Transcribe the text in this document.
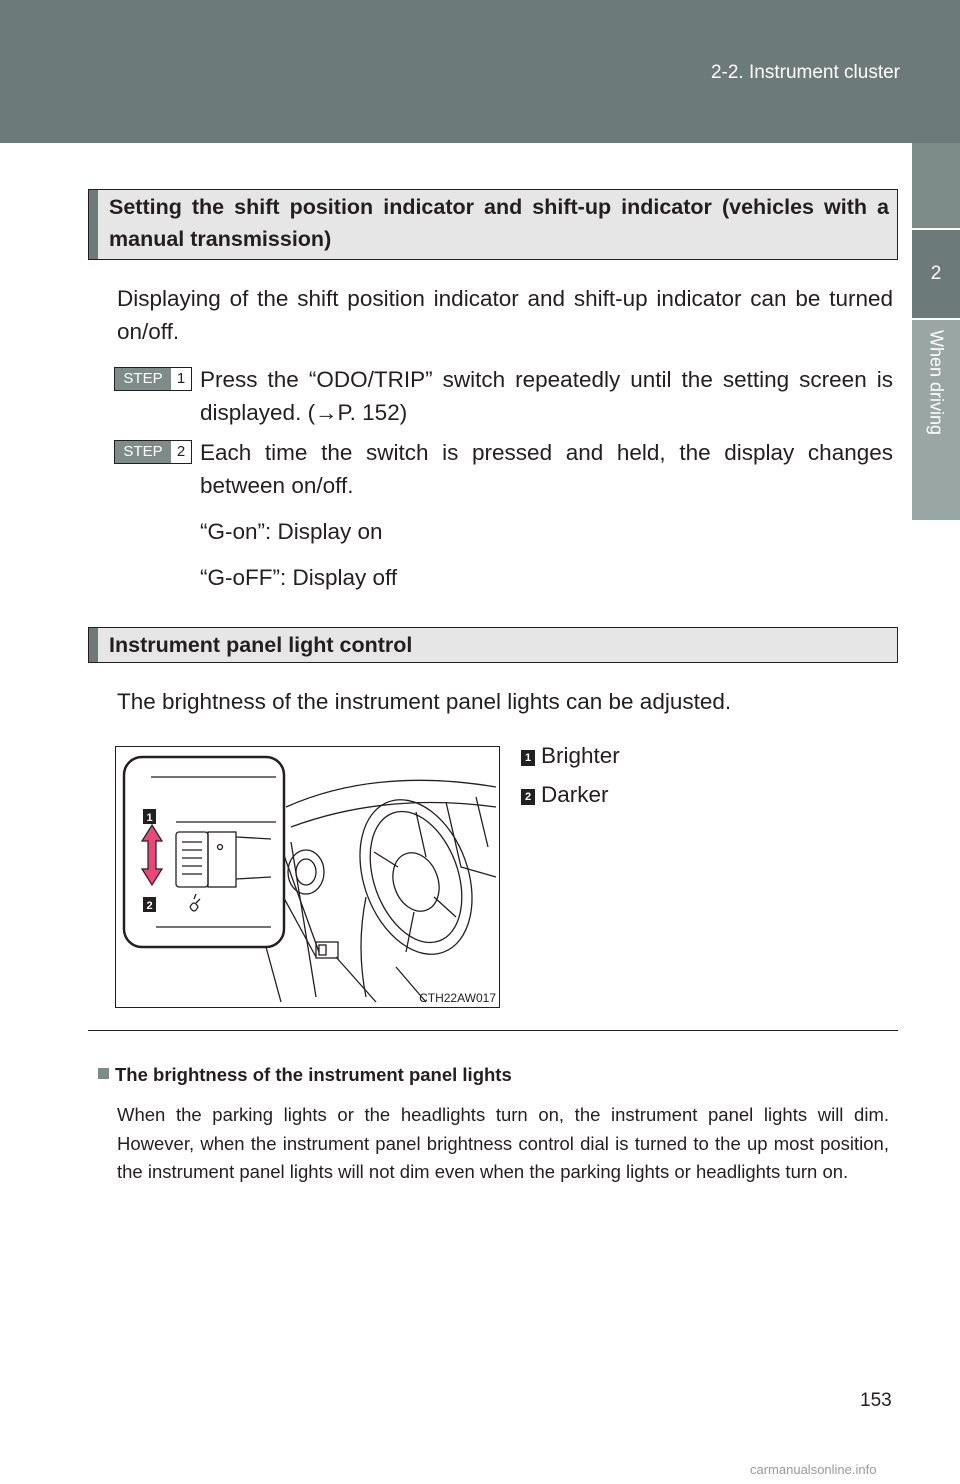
2-2. Instrument cluster
2
When driving
Setting the shift position indicator and shift-up indicator (vehicles with a manual transmission)
Displaying of the shift position indicator and shift-up indicator can be turned on/off.
STEP 1 Press the “ODO/TRIP” switch repeatedly until the setting screen is displayed. (→P. 152)
STEP 2 Each time the switch is pressed and held, the display changes between on/off.
“G-on”: Display on
“G-oFF”: Display off
Instrument panel light control
The brightness of the instrument panel lights can be adjusted.
1
2
CTH22AW017
1 Brighter
2 Darker
The brightness of the instrument panel lights
When the parking lights or the headlights turn on, the instrument panel lights will dim. However, when the instrument panel brightness control dial is turned to the up most position, the instrument panel lights will not dim even when the parking lights or headlights turn on.
153
carmanualsonline.info
